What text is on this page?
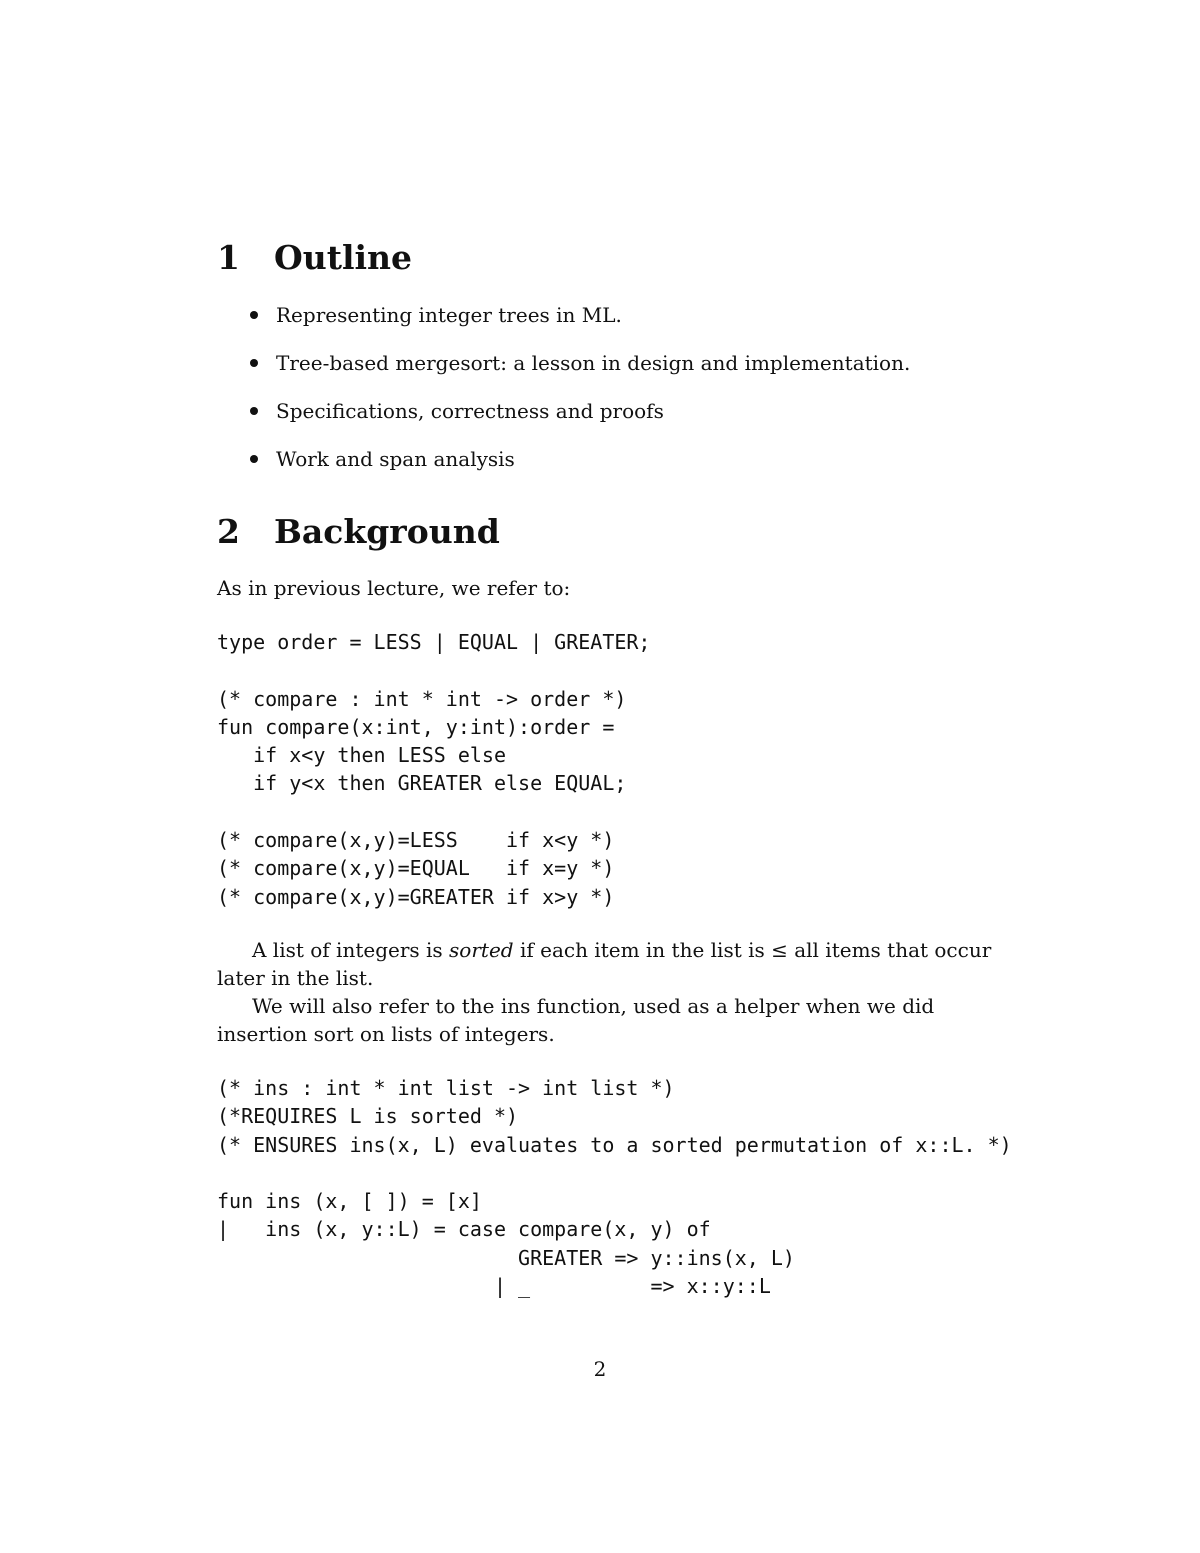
1 Outline
Representing integer trees in ML.
Tree-based mergesort: a lesson in design and implementation.
Specifications, correctness and proofs
Work and span analysis
2 Background
As in previous lecture, we refer to:
type order = LESS | EQUAL | GREATER;
(* compare : int * int -> order *)
fun compare(x:int, y:int):order =
if x<y then LESS else
if y<x then GREATER else EQUAL;
(* compare(x,y)=LESS    if x<y *)
(* compare(x,y)=EQUAL   if x=y *)
(* compare(x,y)=GREATER if x>y *)
A list of integers is sorted if each item in the list is ≤ all items that occur
later in the list.
We will also refer to the ins function, used as a helper when we did
insertion sort on lists of integers.
(* ins : int * int list -> int list *)
(*REQUIRES L is sorted *)
(* ENSURES ins(x, L) evaluates to a sorted permutation of x::L. *)
fun ins (x, [ ]) = [x]
|   ins (x, y::L) = case compare(x, y) of
GREATER => y::ins(x, L)
| _          => x::y::L
2
